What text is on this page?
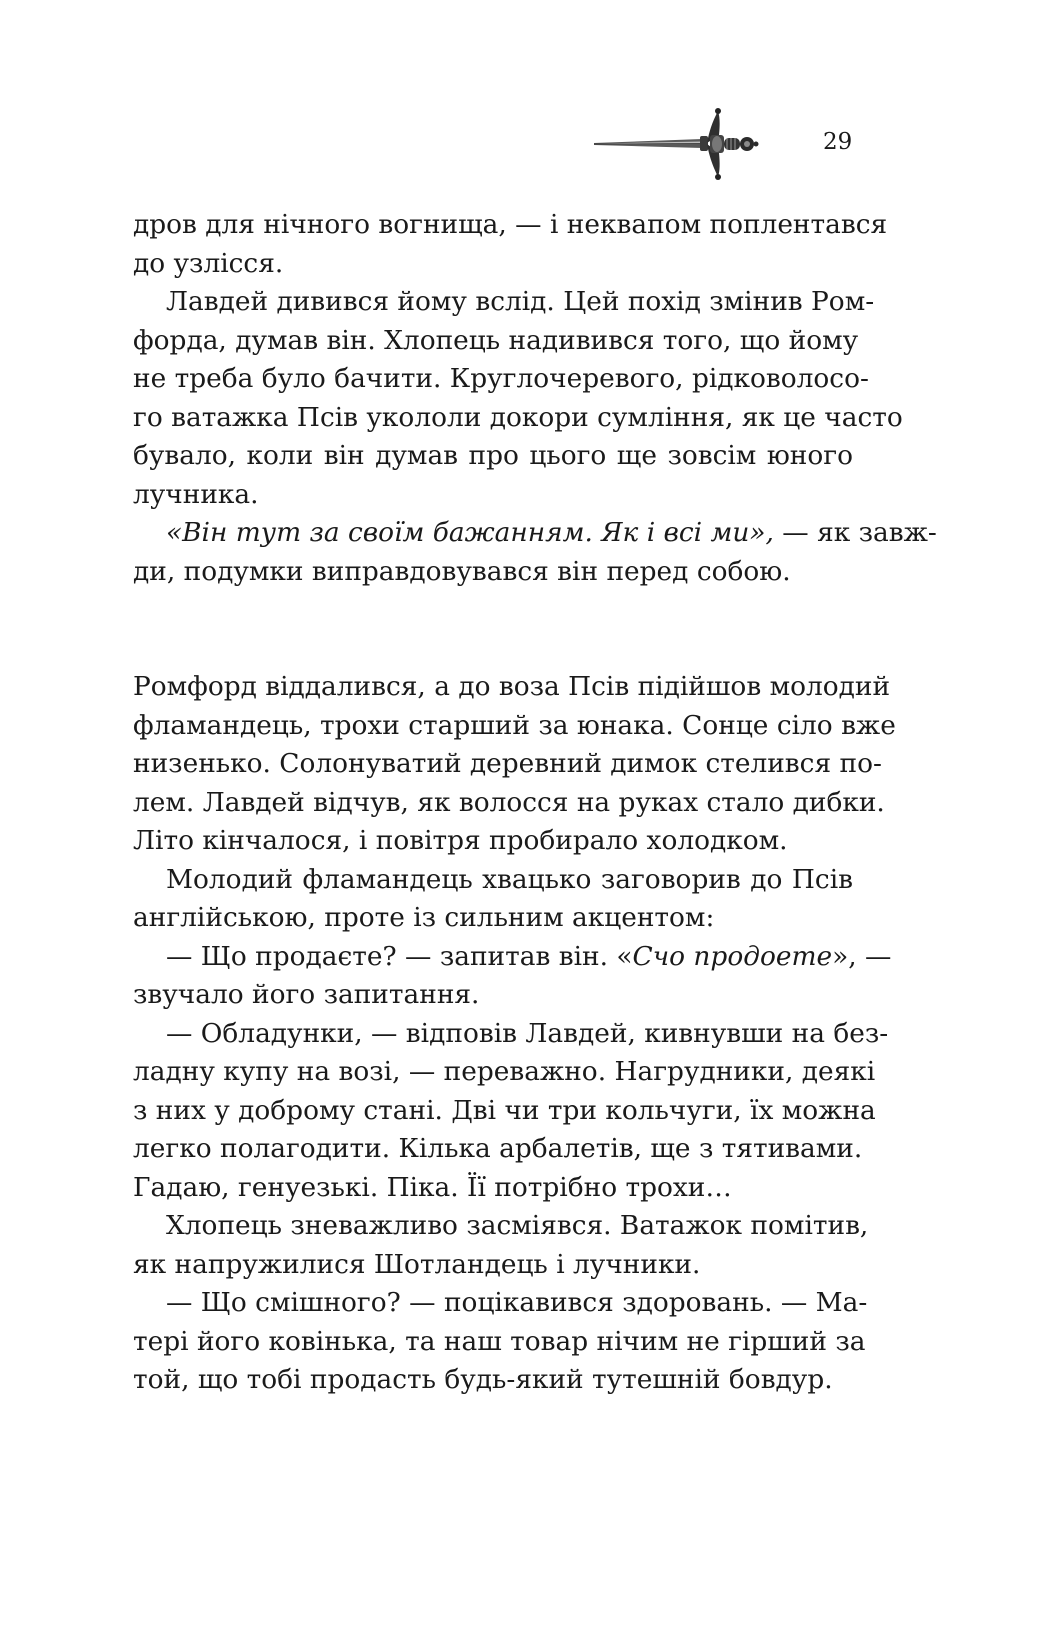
29
дров для нічного вогнища, — і неквапом поплентався
до узлісся.
Лавдей дивився йому вслід. Цей похід змінив Ром-
форда, думав він. Хлопець надивився того, що йому
не треба було бачити. Круглочеревого, рідковолосо-
го ватажка Псів укололи докори сумління, як це часто
бувало, коли він думав про цього ще зовсім юного
лучника.
«Він тут за своїм бажанням. Як і всі ми», — як завж-
ди, подумки виправдовувався він перед собою.
Ромфорд віддалився, а до воза Псів підійшов молодий
фламандець, трохи старший за юнака. Сонце сіло вже
низенько. Солонуватий деревний димок стелився по-
лем. Лавдей відчув, як волосся на руках стало дибки.
Літо кінчалося, і повітря пробирало холодком.
Молодий фламандець хвацько заговорив до Псів
англійською, проте із сильним акцентом:
— Що продаєте? — запитав він. «Счо продоете», —
звучало його запитання.
— Обладунки, — відповів Лавдей, кивнувши на без-
ладну купу на возі, — переважно. Нагрудники, деякі
з них у доброму стані. Дві чи три кольчуги, їх можна
легко полагодити. Кілька арбалетів, ще з тятивами.
Гадаю, генуезькі. Піка. Її потрібно трохи…
Хлопець зневажливо засміявся. Ватажок помітив,
як напружилися Шотландець і лучники.
— Що смішного? — поцікавився здоровань. — Ма-
тері його ковінька, та наш товар нічим не гірший за
той, що тобі продасть будь-який тутешній бовдур.
